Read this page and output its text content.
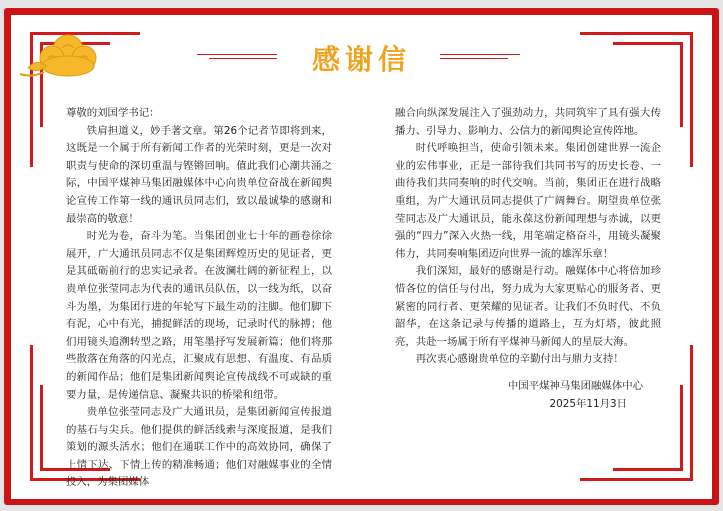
感谢信

尊敬的刘国学书记：

铁肩担道义，妙手著文章。第26个记者节即将到来，这既是一个属于所有新闻工作者的光荣时刻，更是一次对职责与使命的深切重温与铿锵回响。值此我们心潮共涌之际，中国平煤神马集团融媒体中心向贵单位奋战在新闻舆论宣传工作第一线的通讯员同志们，致以最诚挚的感谢和最崇高的敬意！

时光为卷，奋斗为笔。当集团创业七十年的画卷徐徐展开，广大通讯员同志不仅是集团辉煌历史的见证者，更是其砥砺前行的忠实记录者。在波澜壮阔的新征程上，以贵单位张莹同志为代表的通讯员队伍，以一线为纸，以奋斗为墨，为集团行进的年轮写下最生动的注脚。他们脚下有泥，心中有光，捕捉鲜活的现场，记录时代的脉搏；他们用镜头追溯转型之路，用笔墨抒写发展新篇；他们将那些散落在角落的闪光点，汇聚成有思想、有温度、有品质的新闻作品；他们是集团新闻舆论宣传战线不可或缺的重要力量，是传递信息、凝聚共识的桥梁和纽带。

贵单位张莹同志及广大通讯员，是集团新闻宣传报道的基石与尖兵。他们提供的鲜活线索与深度报道，是我们策划的源头活水；他们在通联工作中的高效协同，确保了上情下达、下情上传的精准畅通；他们对融媒事业的全情投入，为集团媒体

融合向纵深发展注入了强劲动力，共同筑牢了具有强大传播力、引导力、影响力、公信力的新闻舆论宣传阵地。

时代呼唤担当，使命引领未来。集团创建世界一流企业的宏伟事业，正是一部待我们共同书写的历史长卷、一曲待我们共同奏响的时代交响。当前，集团正在进行战略重组，为广大通讯员同志提供了广阔舞台。期望贵单位张莹同志及广大通讯员，能永葆这份新闻理想与赤诚，以更强的“四力”深入火热一线，用笔端定格奋斗，用镜头凝聚伟力，共同奏响集团迈向世界一流的雄浑乐章！

我们深知，最好的感谢是行动。融媒体中心将倍加珍惜各位的信任与付出，努力成为大家更贴心的服务者、更紧密的同行者、更荣耀的见证者。让我们不负时代、不负韶华，在这条记录与传播的道路上，互为灯塔，彼此照亮，共赴一场属于所有平煤神马新闻人的星辰大海。

再次衷心感谢贵单位的辛勤付出与鼎力支持！

中国平煤神马集团融媒体中心

2025年11月3日
